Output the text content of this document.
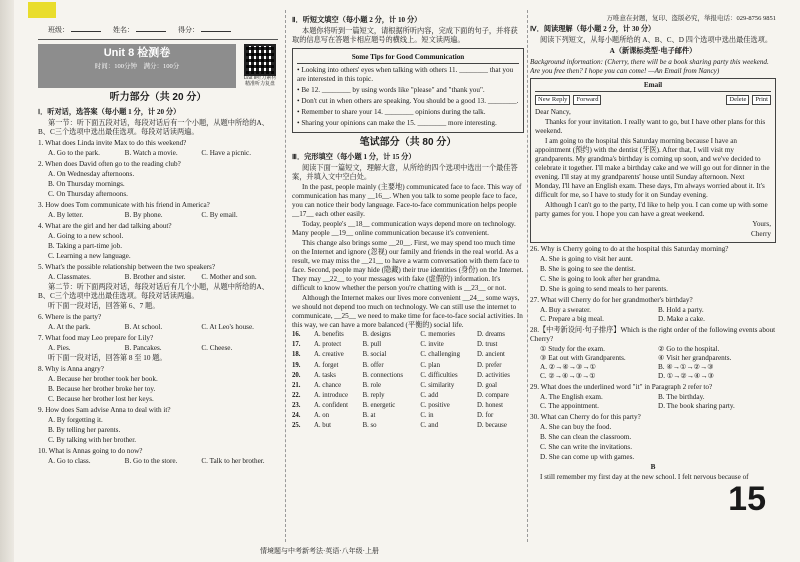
班级：	姓名：	得分：
Unit 8 检测卷
时间：100分钟　满分：100分
Unit 8听力素材
精准听力复盘
听力部分（共 20 分）

Ⅰ．听对话，选答案（每小题 1 分，计 20 分）

第一节：听下面五段对话，每段对话后有一个小题，从题中所给的A、B、C三个选项中选出最佳选项。每段对话读两遍。

1. What does Linda invite Max to do this weekend?

A. Go to the park.	B. Watch a movie.	C. Have a picnic.

2. When does David often go to the reading club?

A. On Wednesday afternoons.
B. On Thursday mornings.
C. On Thursday afternoons.

3. How does Tom communicate with his friend in America?

A. By letter.	B. By phone.	C. By email.

4. What are the girl and her dad talking about?

A. Going to a new school.
B. Taking a part-time job.
C. Learning a new language.

5. What's the possible relationship between the two speakers?

A. Classmates.	B. Brother and sister.	C. Mother and son.

第二节：听下面两段对话，每段对话后有几个小题，从题中所给的A、B、C三个选项中选出最佳选项。每段对话读两遍。

听下面一段对话，回答第 6、7 题。

6. Where is the party?

A. At the park.	B. At school.	C. At Leo's house.

7. What food may Leo prepare for Lily?

A. Pies.	B. Pancakes.	C. Cheese.

听下面一段对话，回答第 8 至 10 题。

8. Why is Anna angry?

A. Because her brother took her book.
B. Because her brother broke her toy.
C. Because her brother lost her keys.

9. How does Sam advise Anna to deal with it?

A. By forgetting it.
B. By telling her parents.
C. By talking with her brother.

10. What is Annas going to do now?

A. Go to class.	B. Go to the store.	C. Talk to her brother.

Ⅱ．听短文填空（每小题 2 分，计 10 分）

本题你将听到一篇短文，请根据所听内容，完成下面的句子，并将获取的信息写在答题卡相应题号的横线上。短文读两遍。

Some Tips for Good Communication
• Looking into others' eyes when talking with others 11. ________ that you are interested in this topic.
• Be 12. ________ by using words like "please" and "thank you".
• Don't cut in when others are speaking. You should be a good 13. ________.
• Remember to share your 14. ________ opinions during the talk.
• Sharing your opinions can make the 15. ________ more interesting.
笔试部分（共 80 分）

Ⅲ．完形填空（每小题 1 分，计 15 分）

阅读下面一篇短文，理解大意，从所给的四个选项中选出一个最佳答案，并填入文中空白处。

In the past, people mainly (主要地) communicated face to face. This way of communication has many __16__. When you talk to some people face to face, you can notice their body language. Face-to-face communication helps people __17__ each other easily.

Today, people's __18__ communication ways depend more on technology. Many people __19__ online communication because it's convenient.

This change also brings some __20__. First, we may spend too much time on the Internet and ignore (忽视) our family and friends in the real world. As a result, we may miss the __21__ to have a warm conversation with them face to face. Second, people may hide (隐藏) their true identities (身份) on the Internet. They may __22__ to your messages with fake (虚假的) information. It's difficult to know whether the person you're chatting with is __23__ or not.

Although the Internet makes our lives more convenient __24__ some ways, we should not depend too much on technology. We can still use the internet to communicate, __25__ we need to make time for face-to-face social activities. In this way, we can have a more balanced (平衡的) social life.

16.	A. benefits	B. designs	C. memories	D. dreams
17.	A. protect	B. pull	C. invite	D. trust
18.	A. creative	B. social	C. challenging	D. ancient
19.	A. forget	B. offer	C. plan	D. prefer
20.	A. tasks	B. connections	C. difficulties	D. activities
21.	A. chance	B. role	C. similarity	D. goal
22.	A. introduce	B. reply	C. add	D. compare
23.	A. confident	B. energetic	C. positive	D. honest
24.	A. on	B. at	C. in	D. for
25.	A. but	B. so	C. and	D. because

万唯意在封题，复印、盗版必究，举报电话：029-8756 9851

Ⅳ．阅读理解（每小题 2 分，计 30 分）

阅读下列短文，从每小题所给的 A、B、C、D 四个选项中选出最佳选项。

A（新课标类型·电子邮件）

Background information: (Cherry, there will be a book sharing party this weekend. Are you free then? I hope you can come! —An Email from Nancy)

Email
New Reply	Forward	Delete	Print

Dear Nancy,

Thanks for your invitation. I really want to go, but I have other plans for this weekend.

I am going to the hospital this Saturday morning because I have an appointment (预约) with the dentist (牙医). After that, I will visit my grandparents. My grandma's birthday is coming up soon, and we've decided to celebrate it together. I'll make a birthday cake and we will go out for dinner in the evening. I'll stay at my grandparents' house until Sunday afternoon. Next Monday, I'll have an English exam. These days, I'm always worried about it. It's difficult for me, so I have to study for it on Sunday evening.

Although I can't go to the party, I'd like to help you. I can come up with some party games for you. I hope you can have a great weekend.

Yours,

Cherry

26. Why is Cherry going to do at the hospital this Saturday morning?

A. She is going to visit her aunt.
B. She is going to see the dentist.
C. She is going to look after her grandma.
D. She is going to send meals to her parents.

27. What will Cherry do for her grandmother's birthday?

A. Buy a sweater.	B. Hold a party.
C. Prepare a big meal.	D. Make a cake.

28.【中考新设问·句子排序】Which is the right order of the following events about Cherry?

① Study for the exam.	② Go to the hospital.
③ Eat out with Grandparents.	④ Visit her grandparents.
A. ②→④→③→①	B. ④→①→②→③
C. ②→④→③→①	D. ①→②→④→③

29. What does the underlined word "it" in Paragraph 2 refer to?

A. The English exam.	B. The birthday.
C. The appointment.	D. The book sharing party.

30. What can Cherry do for this party?

A. She can buy the food.
B. She can clean the classroom.
C. She can write the invitations.
D. She can come up with games.

B

I still remember my first day at the new school. I felt nervous because of

15
情境题与中考新考法·英语·八年级·上册
